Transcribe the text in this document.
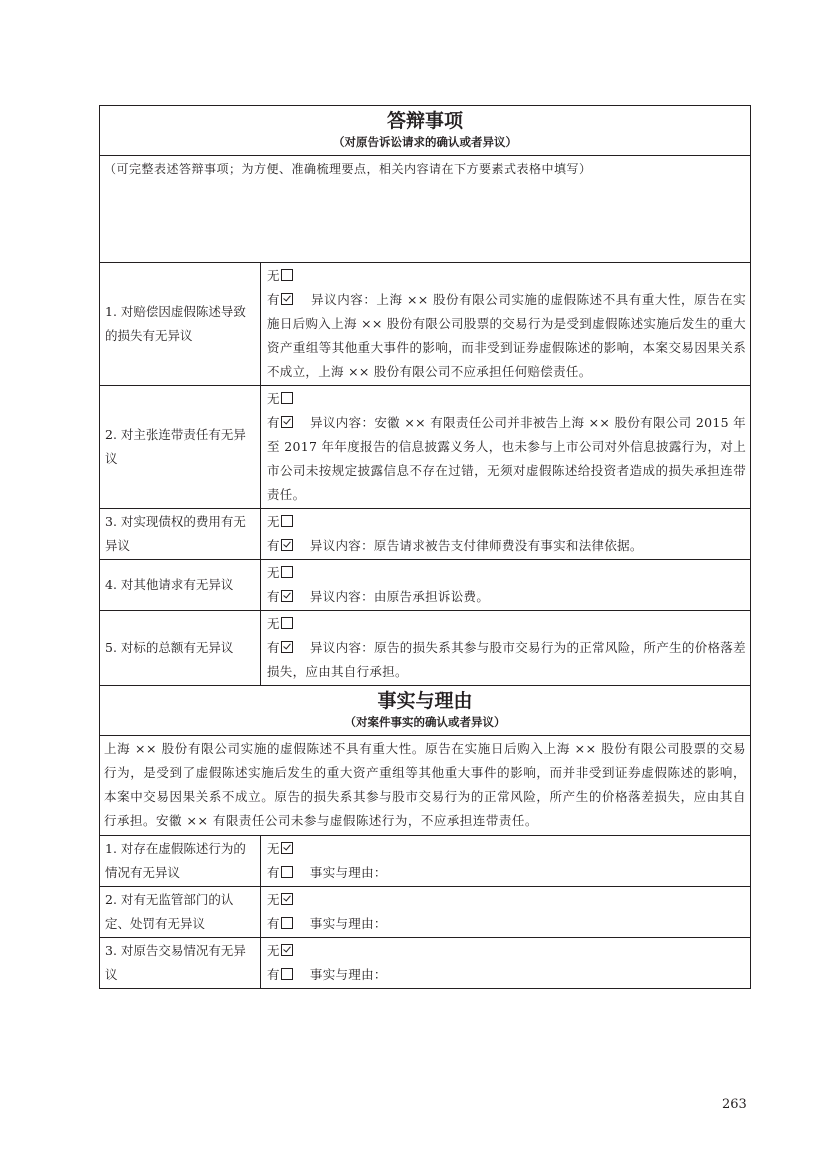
答辩事项
（对原告诉讼请求的确认或者异议）	

（可完整表述答辩事项；为方便、准确梳理要点，相关内容请在下方要素式表格中填写）	
1. 对赔偿因虚假陈述导致的损失有无异议	无
有 异议内容：上海 ×× 股份有限公司实施的虚假陈述不具有重大性，原告在实施日后购入上海 ×× 股份有限公司股票的交易行为是受到虚假陈述实施后发生的重大资产重组等其他重大事件的影响，而非受到证券虚假陈述的影响，本案交易因果关系不成立，上海 ×× 股份有限公司不应承担任何赔偿责任。

2. 对主张连带责任有无异议	无
有 异议内容：安徽 ×× 有限责任公司并非被告上海 ×× 股份有限公司 2015 年至 2017 年年度报告的信息披露义务人，也未参与上市公司对外信息披露行为，对上市公司未按规定披露信息不存在过错，无须对虚假陈述给投资者造成的损失承担连带责任。

3. 对实现债权的费用有无异议	无
有 异议内容：原告请求被告支付律师费没有事实和法律依据。

4. 对其他请求有无异议	无
有 异议内容：由原告承担诉讼费。

5. 对标的总额有无异议	无
有 异议内容：原告的损失系其参与股市交易行为的正常风险，所产生的价格落差损失，应由其自行承担。

事实与理由
（对案件事实的确认或者异议）	

上海 ×× 股份有限公司实施的虚假陈述不具有重大性。原告在实施日后购入上海 ×× 股份有限公司股票的交易行为，是受到了虚假陈述实施后发生的重大资产重组等其他重大事件的影响，而并非受到证券虚假陈述的影响，本案中交易因果关系不成立。原告的损失系其参与股市交易行为的正常风险，所产生的价格落差损失，应由其自行承担。安徽 ×× 有限责任公司未参与虚假陈述行为，不应承担连带责任。	
1. 对存在虚假陈述行为的情况有无异议	无
有 事实与理由：

2. 对有无监管部门的认定、处罚有无异议	无
有 事实与理由：

3. 对原告交易情况有无异议	无
有 事实与理由：
263
